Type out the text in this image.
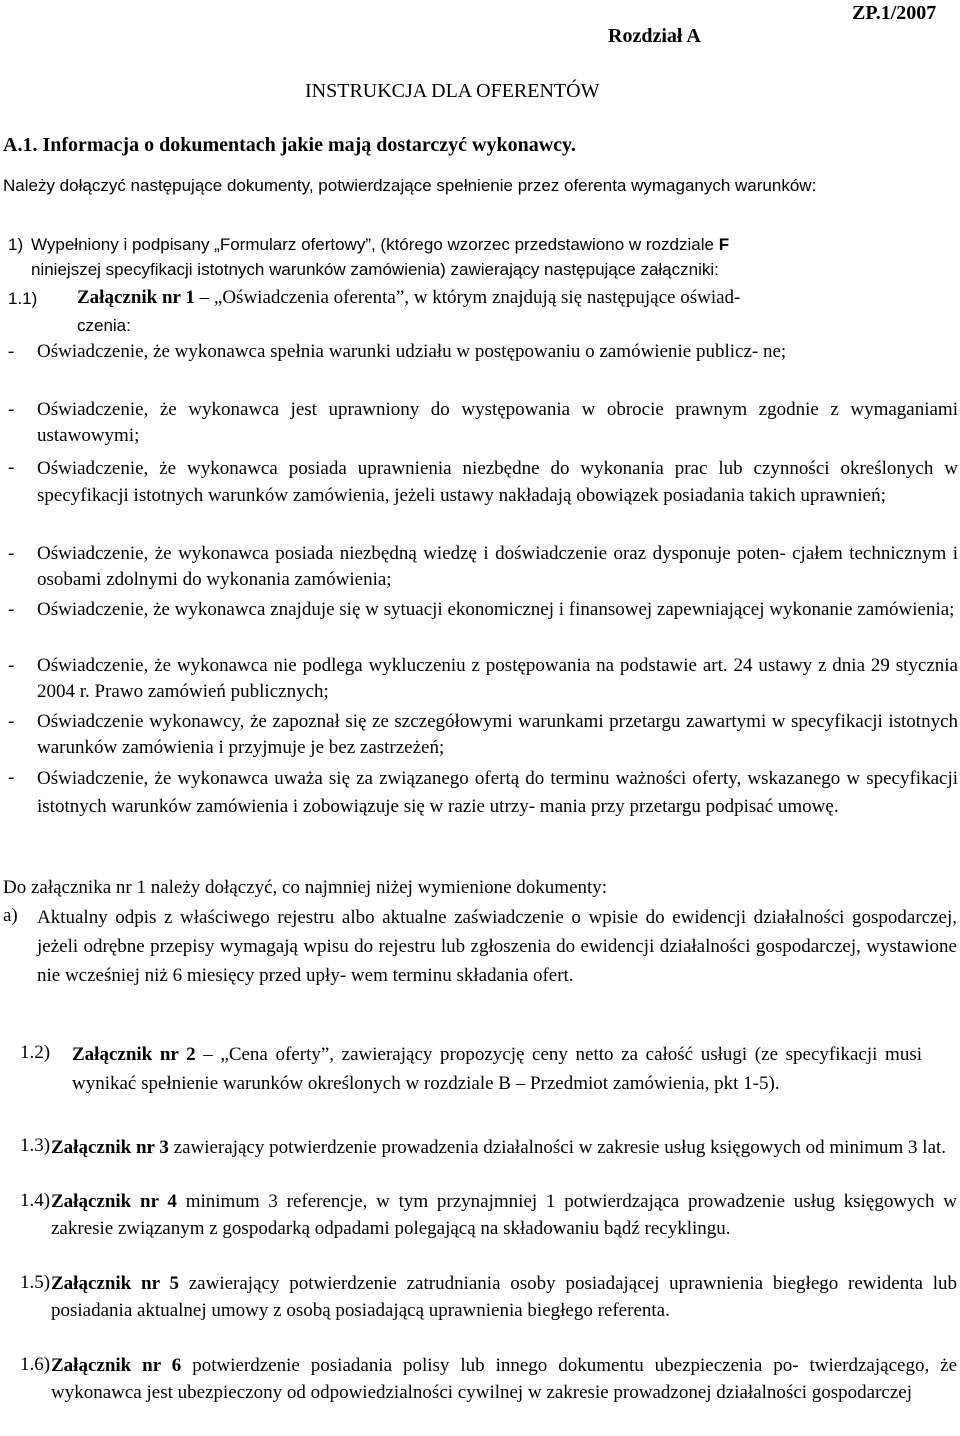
Rozdział A
ZP.1/2007
INSTRUKCJA DLA OFERENTÓW
A.1. Informacja o dokumentach jakie mają dostarczyć wykonawcy.

Należy dołączyć następujące dokumenty, potwierdzające spełnienie przez oferenta wymaganych warunków:

1) Wypełniony i podpisany „Formularz ofertowy”, (którego wzorzec przedstawiono w rozdziale F
niniejszej specyfikacji istotnych warunków zamówienia) zawierający następujące załączniki:
1.1) Załącznik nr 1 – „Oświadczenia oferenta”, w którym znajdują się następujące oświad-
czenia:
- Oświadczenie, że wykonawca spełnia warunki udziału w postępowaniu o zamówienie publicz- ne;

- Oświadczenie, że wykonawca jest uprawniony do występowania w obrocie prawnym zgodnie z wymaganiami ustawowymi;

- Oświadczenie, że wykonawca posiada uprawnienia niezbędne do wykonania prac lub czynności określonych w specyfikacji istotnych warunków zamówienia, jeżeli ustawy nakładają obowiązek posiadania takich uprawnień;

- Oświadczenie, że wykonawca posiada niezbędną wiedzę i doświadczenie oraz dysponuje poten- cjałem technicznym i osobami zdolnymi do wykonania zamówienia;

- Oświadczenie, że wykonawca znajduje się w sytuacji ekonomicznej i finansowej zapewniającej wykonanie zamówienia;

- Oświadczenie, że wykonawca nie podlega wykluczeniu z postępowania na podstawie art. 24 ustawy z dnia 29 stycznia 2004 r. Prawo zamówień publicznych;

- Oświadczenie wykonawcy, że zapoznał się ze szczegółowymi warunkami przetargu zawartymi w specyfikacji istotnych warunków zamówienia i przyjmuje je bez zastrzeżeń;

- Oświadczenie, że wykonawca uważa się za związanego ofertą do terminu ważności oferty, wskazanego w specyfikacji istotnych warunków zamówienia i zobowiązuje się w razie utrzy- mania przy przetargu podpisać umowę.

Do załącznika nr 1 należy dołączyć, co najmniej niżej wymienione dokumenty:
a) Aktualny odpis z właściwego rejestru albo aktualne zaświadczenie o wpisie do ewidencji działalności gospodarczej, jeżeli odrębne przepisy wymagają wpisu do rejestru lub zgłoszenia do ewidencji działalności gospodarczej, wystawione nie wcześniej niż 6 miesięcy przed upły- wem terminu składania ofert.

1.2) Załącznik nr 2 – „Cena oferty”, zawierający propozycję ceny netto za całość usługi (ze specyfikacji musi wynikać spełnienie warunków określonych w rozdziale B – Przedmiot zamówienia, pkt 1-5).

1.3) Załącznik nr 3 zawierający potwierdzenie prowadzenia działalności w zakresie usług księgowych od minimum 3 lat.

1.4) Załącznik nr 4 minimum 3 referencje, w tym przynajmniej 1 potwierdzająca prowadzenie usług księgowych w zakresie związanym z gospodarką odpadami polegającą na składowaniu bądź recyklingu.

1.5) Załącznik nr 5 zawierający potwierdzenie zatrudniania osoby posiadającej uprawnienia biegłego rewidenta lub posiadania aktualnej umowy z osobą posiadającą uprawnienia biegłego referenta.

1.6) Załącznik nr 6 potwierdzenie posiadania polisy lub innego dokumentu ubezpieczenia po- twierdzającego, że wykonawca jest ubezpieczony od odpowiedzialności cywilnej w zakresie prowadzonej działalności gospodarczej
